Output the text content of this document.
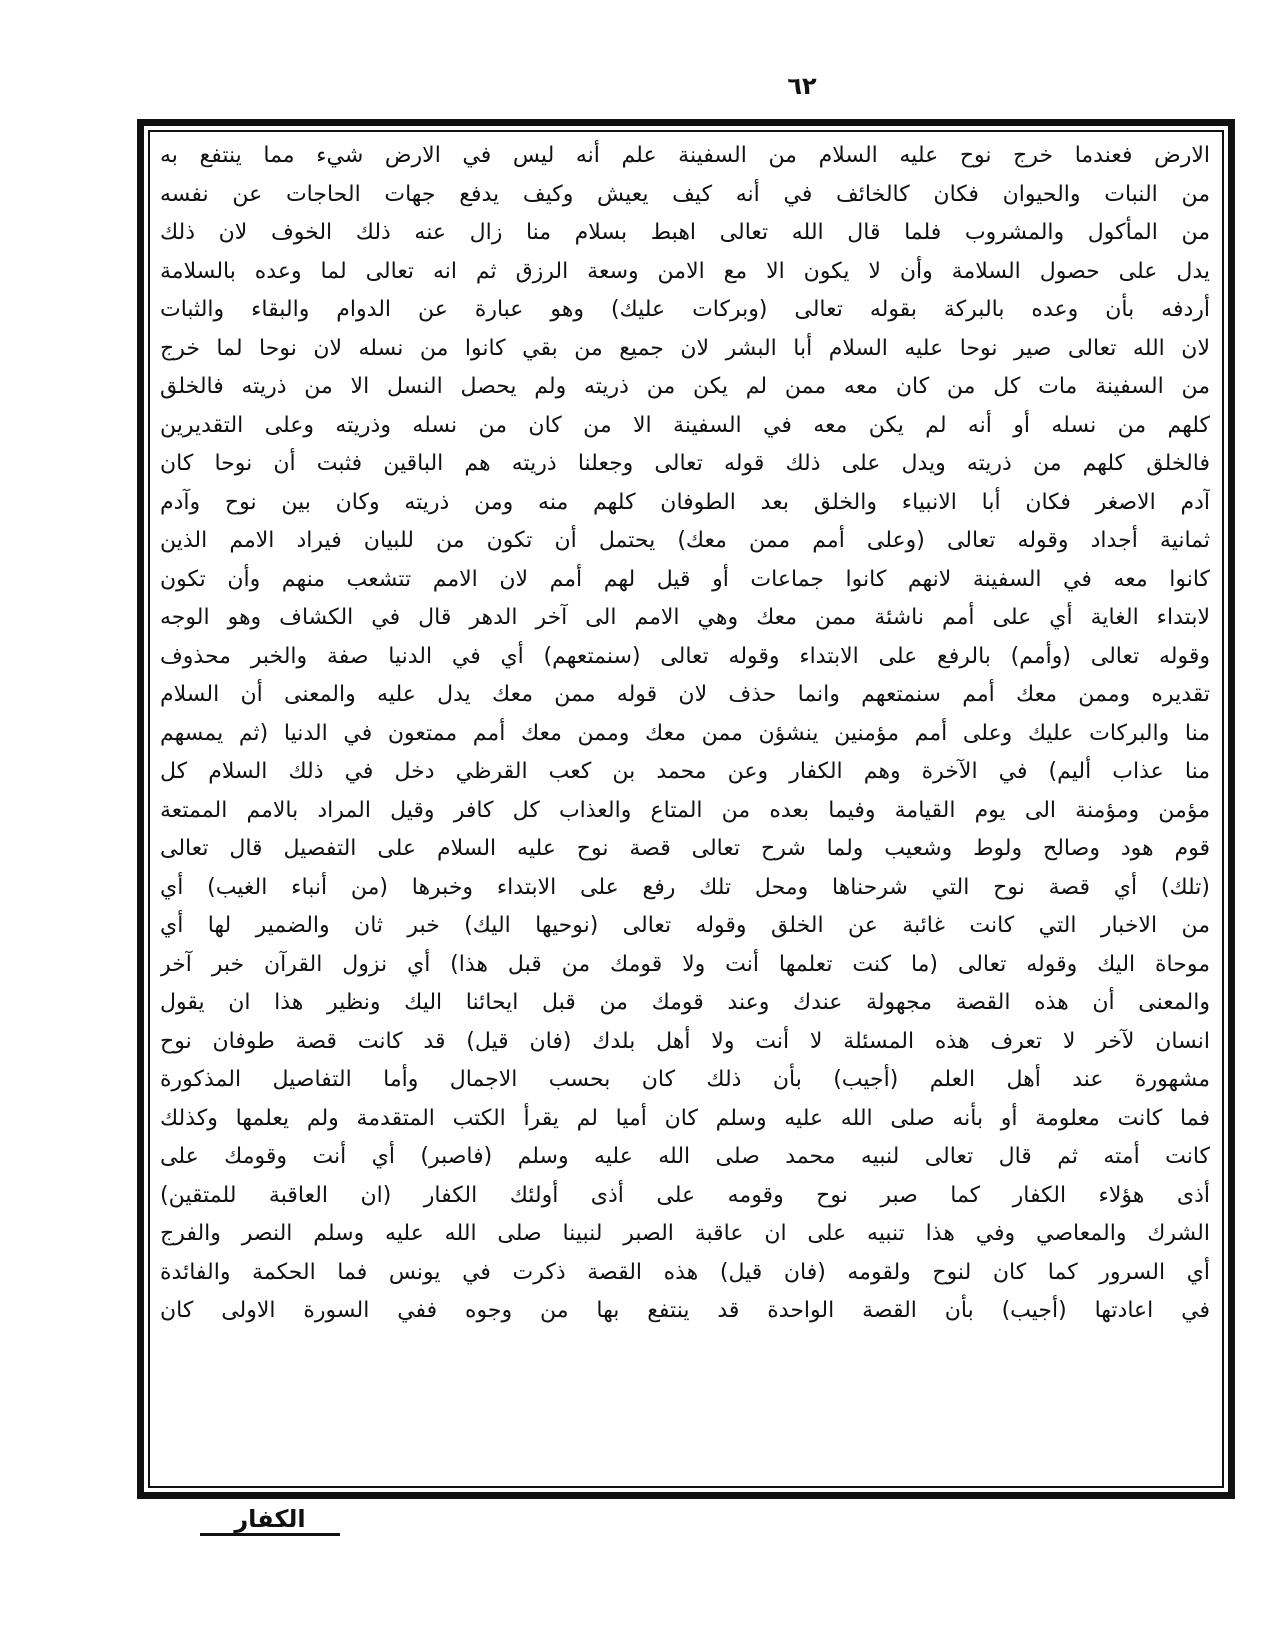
٦٢
الارض فعندما خرج نوح عليه السلام من السفينة علم أنه ليس في الارض شيء مما ينتفع به
من النبات والحيوان فكان كالخائف في أنه كيف يعيش وكيف يدفع جهات الحاجات عن نفسه
من المأكول والمشروب فلما قال الله تعالى اهبط بسلام منا زال عنه ذلك الخوف لان ذلك
يدل على حصول السلامة وأن لا يكون الا مع الامن وسعة الرزق ثم انه تعالى لما وعده بالسلامة
أردفه بأن وعده بالبركة بقوله تعالى (وبركات عليك) وهو عبارة عن الدوام والبقاء والثبات
لان الله تعالى صير نوحا عليه السلام أبا البشر لان جميع من بقي كانوا من نسله لان نوحا لما خرج
من السفينة مات كل من كان معه ممن لم يكن من ذريته ولم يحصل النسل الا من ذريته فالخلق
كلهم من نسله أو أنه لم يكن معه في السفينة الا من كان من نسله وذريته وعلى التقديرين
فالخلق كلهم من ذريته ويدل على ذلك قوله تعالى وجعلنا ذريته هم الباقين فثبت أن نوحا كان
آدم الاصغر فكان أبا الانبياء والخلق بعد الطوفان كلهم منه ومن ذريته وكان بين نوح وآدم
ثمانية أجداد وقوله تعالى (وعلى أمم ممن معك) يحتمل أن تكون من للبيان فيراد الامم الذين
كانوا معه في السفينة لانهم كانوا جماعات أو قيل لهم أمم لان الامم تتشعب منهم وأن تكون
لابتداء الغاية أي على أمم ناشئة ممن معك وهي الامم الى آخر الدهر قال في الكشاف وهو الوجه
وقوله تعالى (وأمم) بالرفع على الابتداء وقوله تعالى (سنمتعهم) أي في الدنيا صفة والخبر محذوف
تقديره وممن معك أمم سنمتعهم وانما حذف لان قوله ممن معك يدل عليه والمعنى أن السلام
منا والبركات عليك وعلى أمم مؤمنين ينشؤن ممن معك وممن معك أمم ممتعون في الدنيا (ثم يمسهم
منا عذاب أليم) في الآخرة وهم الكفار وعن محمد بن كعب القرظي دخل في ذلك السلام كل
مؤمن ومؤمنة الى يوم القيامة وفيما بعده من المتاع والعذاب كل كافر وقيل المراد بالامم الممتعة
قوم هود وصالح ولوط وشعيب ولما شرح تعالى قصة نوح عليه السلام على التفصيل قال تعالى
(تلك) أي قصة نوح التي شرحناها ومحل تلك رفع على الابتداء وخبرها (من أنباء الغيب) أي
من الاخبار التي كانت غائبة عن الخلق وقوله تعالى (نوحيها اليك) خبر ثان والضمير لها أي
موحاة اليك وقوله تعالى (ما كنت تعلمها أنت ولا قومك من قبل هذا) أي نزول القرآن خبر آخر
والمعنى أن هذه القصة مجهولة عندك وعند قومك من قبل ايحائنا اليك ونظير هذا ان يقول
انسان لآخر لا تعرف هذه المسئلة لا أنت ولا أهل بلدك (فان قيل) قد كانت قصة طوفان نوح
مشهورة عند أهل العلم (أجيب) بأن ذلك كان بحسب الاجمال وأما التفاصيل المذكورة
فما كانت معلومة أو بأنه صلى الله عليه وسلم كان أميا لم يقرأ الكتب المتقدمة ولم يعلمها وكذلك
كانت أمته ثم قال تعالى لنبيه محمد صلى الله عليه وسلم (فاصبر) أي أنت وقومك على
أذى هؤلاء الكفار كما صبر نوح وقومه على أذى أولئك الكفار (ان العاقبة للمتقين)
الشرك والمعاصي وفي هذا تنبيه على ان عاقبة الصبر لنبينا صلى الله عليه وسلم النصر والفرج
أي السرور كما كان لنوح ولقومه (فان قيل) هذه القصة ذكرت في يونس فما الحكمة والفائدة
في اعادتها (أجيب) بأن القصة الواحدة قد ينتفع بها من وجوه ففي السورة الاولى كان
الكفار
